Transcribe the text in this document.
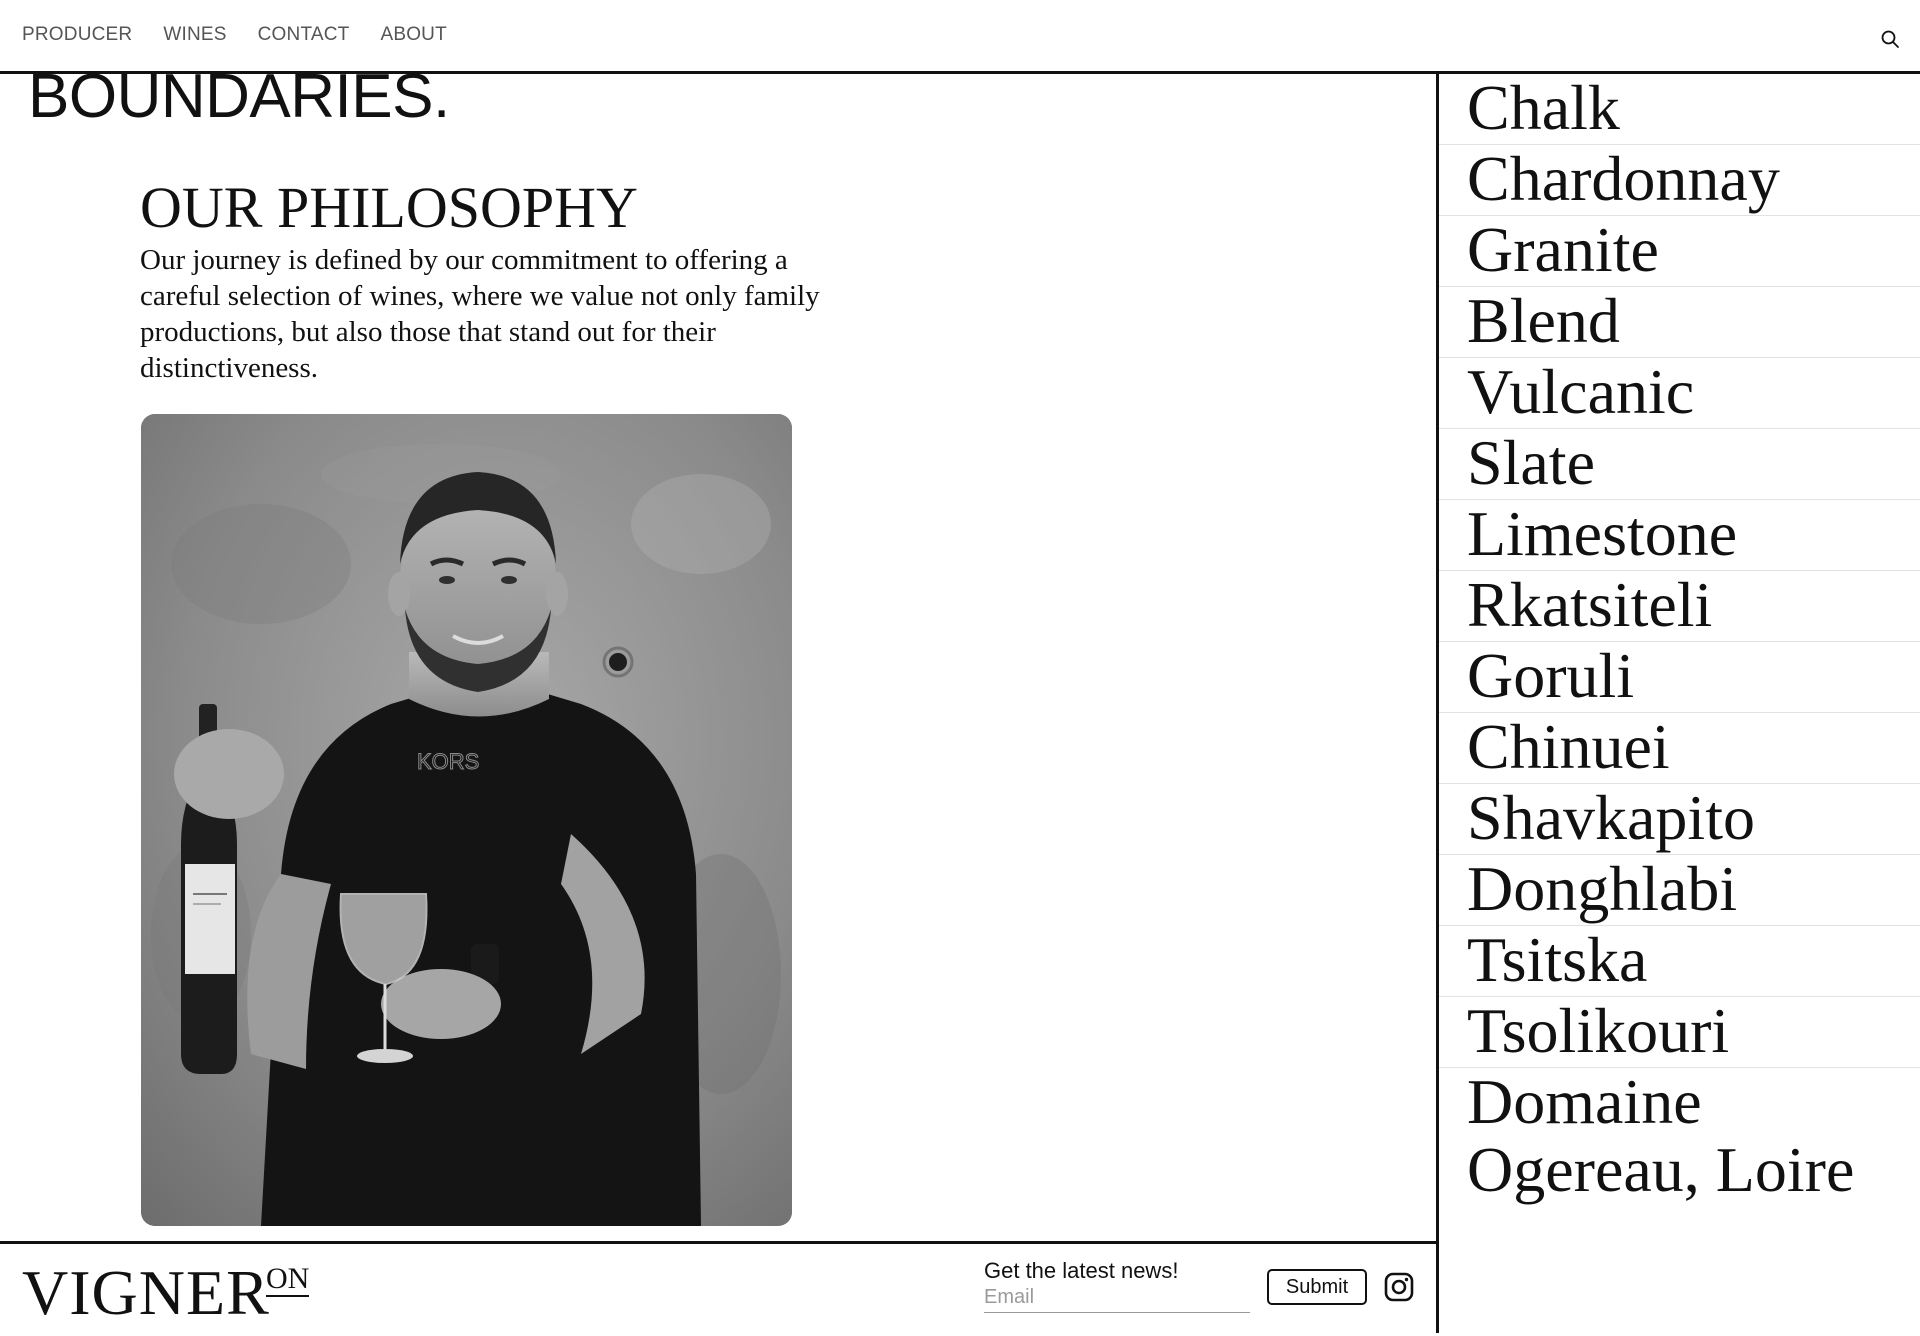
PRODUCER WINES CONTACT ABOUT
BOUNDARIES.
OUR PHILOSOPHY

Our journey is defined by our commitment to offering a careful selection of wines, where we value not only family productions, but also those that stand out for their distinctiveness.

KORS
VIGNER
ON	Get the latest news!
Email
Submit
Chalk
Chardonnay
Granite
Blend
Vulcanic
Slate
Limestone
Rkatsiteli
Goruli
Chinuei
Shavkapito
Donghlabi
Tsitska
Tsolikouri
Domaine Ogereau, Loire
